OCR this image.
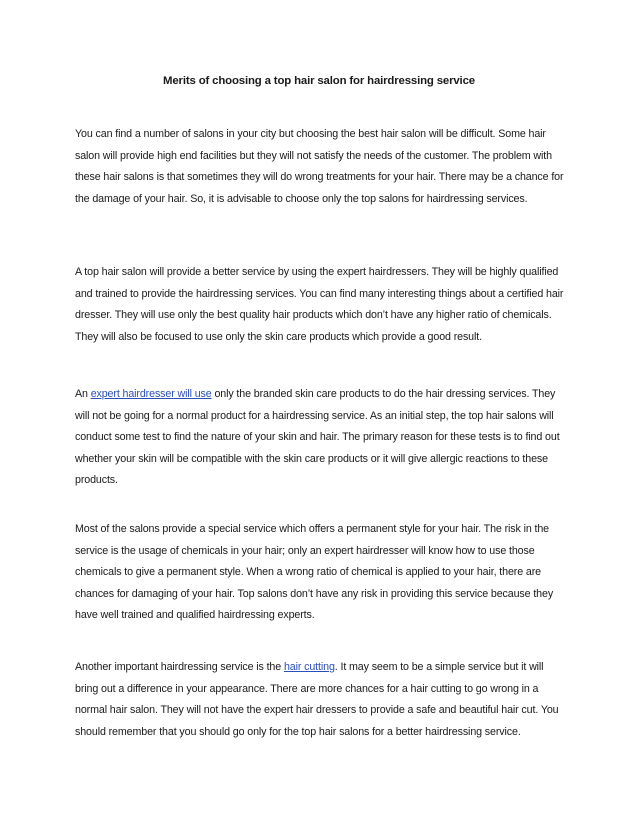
Merits of choosing a top hair salon for hairdressing service

You can find a number of salons in your city but choosing the best hair salon will be difficult. Some hair salon will provide high end facilities but they will not satisfy the needs of the customer. The problem with these hair salons is that sometimes they will do wrong treatments for your hair. There may be a chance for the damage of your hair. So, it is advisable to choose only the top salons for hairdressing services.

A top hair salon will provide a better service by using the expert hairdressers. They will be highly qualified and trained to provide the hairdressing services. You can find many interesting things about a certified hair dresser. They will use only the best quality hair products which don’t have any higher ratio of chemicals. They will also be focused to use only the skin care products which provide a good result.

An expert hairdresser will use only the branded skin care products to do the hair dressing services. They will not be going for a normal product for a hairdressing service. As an initial step, the top hair salons will conduct some test to find the nature of your skin and hair. The primary reason for these tests is to find out whether your skin will be compatible with the skin care products or it will give allergic reactions to these products.

Most of the salons provide a special service which offers a permanent style for your hair. The risk in the service is the usage of chemicals in your hair; only an expert hairdresser will know how to use those chemicals to give a permanent style. When a wrong ratio of chemical is applied to your hair, there are chances for damaging of your hair. Top salons don’t have any risk in providing this service because they have well trained and qualified hairdressing experts.

Another important hairdressing service is the hair cutting. It may seem to be a simple service but it will bring out a difference in your appearance. There are more chances for a hair cutting to go wrong in a normal hair salon. They will not have the expert hair dressers to provide a safe and beautiful hair cut. You should remember that you should go only for the top hair salons for a better hairdressing service.
